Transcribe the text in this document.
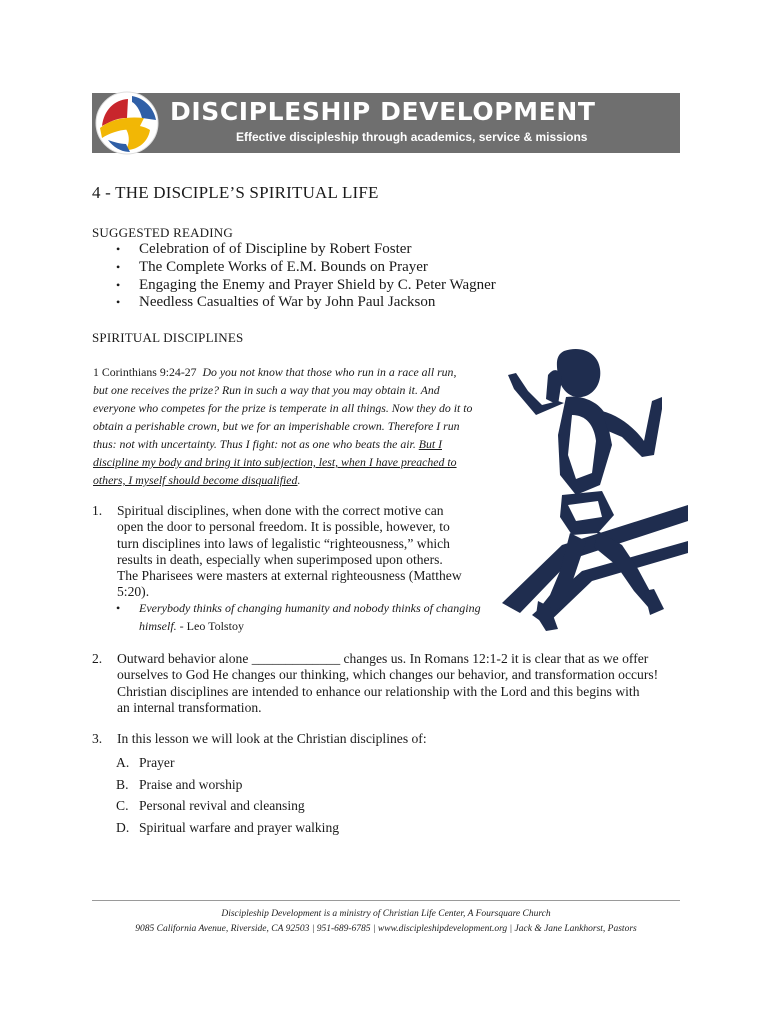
DISCIPLESHIP DEVELOPMENT
Effective discipleship through academics, service & missions
4 - THE DISCIPLE’S SPIRITUAL LIFE
SUGGESTED READING
• Celebration of of Discipline by Robert Foster
• The Complete Works of E.M. Bounds on Prayer
• Engaging the Enemy and Prayer Shield by C. Peter Wagner
• Needless Casualties of War by John Paul Jackson
SPIRITUAL DISCIPLINES
1 Corinthians 9:24-27 Do you not know that those who run in a race all run, but one receives the prize? Run in such a way that you may obtain it. And everyone who competes for the prize is temperate in all things. Now they do it to obtain a perishable crown, but we for an imperishable crown. Therefore I run thus: not with uncertainty. Thus I fight: not as one who beats the air. But I discipline my body and bring it into subjection, lest, when I have preached to others, I myself should become disqualified.
1. Spiritual disciplines, when done with the correct motive can
open the door to personal freedom. It is possible, however, to
turn disciplines into laws of legalistic “righteousness,” which
results in death, especially when superimposed upon others.
The Pharisees were masters at external righteousness (Matthew
5:20).
• Everybody thinks of changing humanity and nobody thinks of changing himself. - Leo Tolstoy
2. Outward behavior alone _____________ changes us. In Romans 12:1-2 it is clear that as we offer
ourselves to God He changes our thinking, which changes our behavior, and transformation occurs!
Christian disciplines are intended to enhance our relationship with the Lord and this begins with
an internal transformation.
3. In this lesson we will look at the Christian disciplines of:
A. Prayer
B. Praise and worship
C. Personal revival and cleansing
D. Spiritual warfare and prayer walking
Discipleship Development is a ministry of Christian Life Center, A Foursquare Church
9085 California Avenue, Riverside, CA 92503 | 951-689-6785 | www.discipleshipdevelopment.org | Jack & Jane Lankhorst, Pastors
